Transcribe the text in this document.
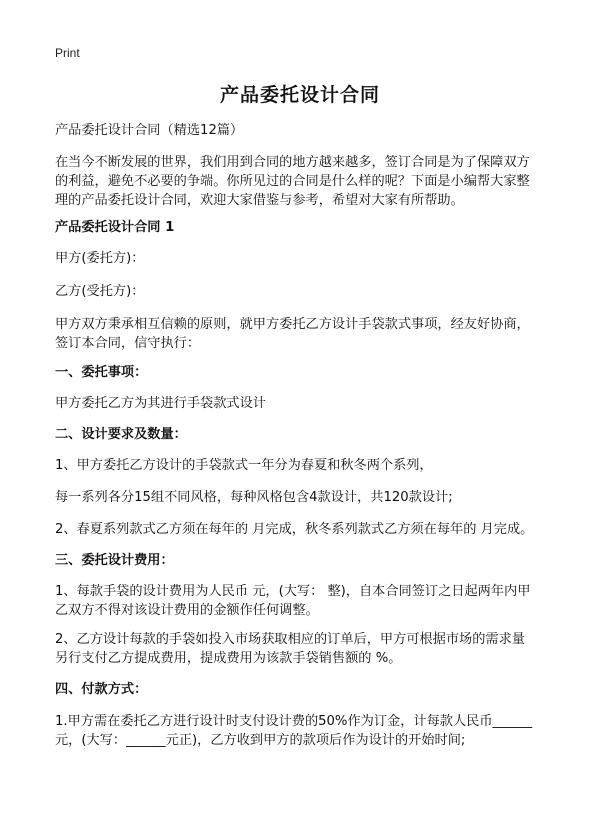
Print
产品委托设计合同

产品委托设计合同（精选12篇）

在当今不断发展的世界，我们用到合同的地方越来越多，签订合同是为了保障双方

的利益，避免不必要的争端。你所见过的合同是什么样的呢？下面是小编帮大家整

理的产品委托设计合同，欢迎大家借鉴与参考，希望对大家有所帮助。

产品委托设计合同 1

甲方(委托方)：

乙方(受托方)：

甲方双方秉承相互信赖的原则，就甲方委托乙方设计手袋款式事项，经友好协商，

签订本合同，信守执行：

一、委托事项：

甲方委托乙方为其进行手袋款式设计

二、设计要求及数量：

1、甲方委托乙方设计的手袋款式一年分为春夏和秋冬两个系列，

每一系列各分15组不同风格，每种风格包含4款设计，共120款设计;

2、春夏系列款式乙方须在每年的 月完成，秋冬系列款式乙方须在每年的 月完成。

三、委托设计费用：

1、每款手袋的设计费用为人民币 元，(大写： 整)，自本合同签订之日起两年内甲

乙双方不得对该设计费用的金额作任何调整。

2、乙方设计每款的手袋如投入市场获取相应的订单后，甲方可根据市场的需求量

另行支付乙方提成费用，提成费用为该款手袋销售额的 %。

四、付款方式：

1.甲方需在委托乙方进行设计时支付设计费的50%作为订金，计每款人民币______

元，(大写：______元正)，乙方收到甲方的款项后作为设计的开始时间;
